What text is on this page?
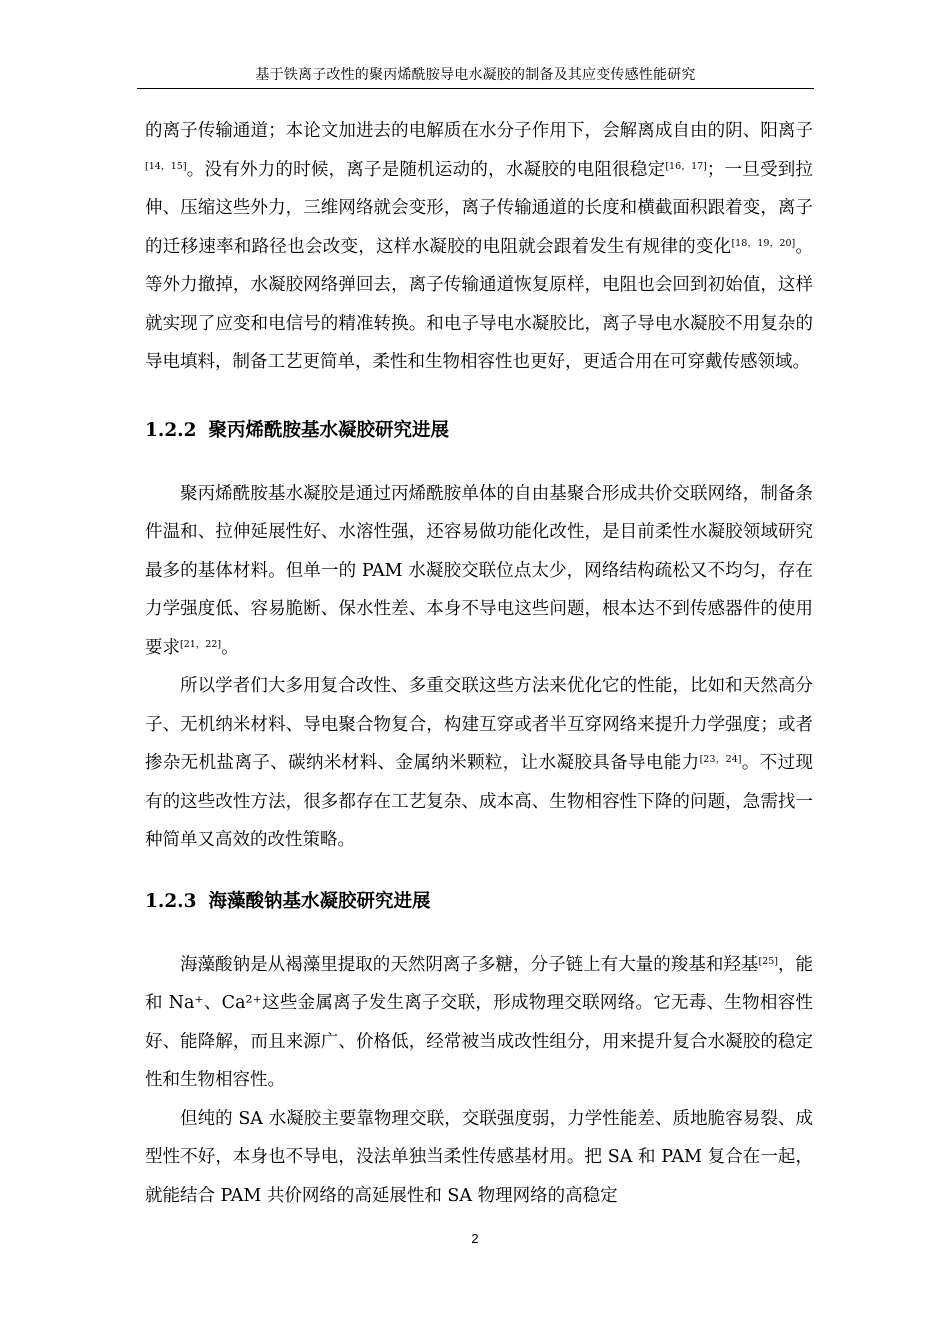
基于铁离子改性的聚丙烯酰胺导电水凝胶的制备及其应变传感性能研究

的离子传输通道；本论文加进去的电解质在水分子作用下，会解离成自由的阴、阳离子[14，15]。没有外力的时候，离子是随机运动的，水凝胶的电阻很稳定[16，17]；一旦受到拉伸、压缩这些外力，三维网络就会变形，离子传输通道的长度和横截面积跟着变，离子的迁移速率和路径也会改变，这样水凝胶的电阻就会跟着发生有规律的变化[18，19，20]。等外力撤掉，水凝胶网络弹回去，离子传输通道恢复原样，电阻也会回到初始值，这样就实现了应变和电信号的精准转换。和电子导电水凝胶比，离子导电水凝胶不用复杂的导电填料，制备工艺更简单，柔性和生物相容性也更好，更适合用在可穿戴传感领域。

1.2.2 聚丙烯酰胺基水凝胶研究进展

聚丙烯酰胺基水凝胶是通过丙烯酰胺单体的自由基聚合形成共价交联网络，制备条件温和、拉伸延展性好、水溶性强，还容易做功能化改性，是目前柔性水凝胶领域研究最多的基体材料。但单一的 PAM 水凝胶交联位点太少，网络结构疏松又不均匀，存在力学强度低、容易脆断、保水性差、本身不导电这些问题，根本达不到传感器件的使用要求[21，22]。

所以学者们大多用复合改性、多重交联这些方法来优化它的性能，比如和天然高分子、无机纳米材料、导电聚合物复合，构建互穿或者半互穿网络来提升力学强度；或者掺杂无机盐离子、碳纳米材料、金属纳米颗粒，让水凝胶具备导电能力[23，24]。不过现有的这些改性方法，很多都存在工艺复杂、成本高、生物相容性下降的问题，急需找一种简单又高效的改性策略。

1.2.3 海藻酸钠基水凝胶研究进展

海藻酸钠是从褐藻里提取的天然阴离子多糖，分子链上有大量的羧基和羟基[25]，能和 Na⁺、Ca²⁺这些金属离子发生离子交联，形成物理交联网络。它无毒、生物相容性好、能降解，而且来源广、价格低，经常被当成改性组分，用来提升复合水凝胶的稳定性和生物相容性。

但纯的 SA 水凝胶主要靠物理交联，交联强度弱，力学性能差、质地脆容易裂、成型性不好，本身也不导电，没法单独当柔性传感基材用。把 SA 和 PAM 复合在一起，就能结合 PAM 共价网络的高延展性和 SA 物理网络的高稳定

2
